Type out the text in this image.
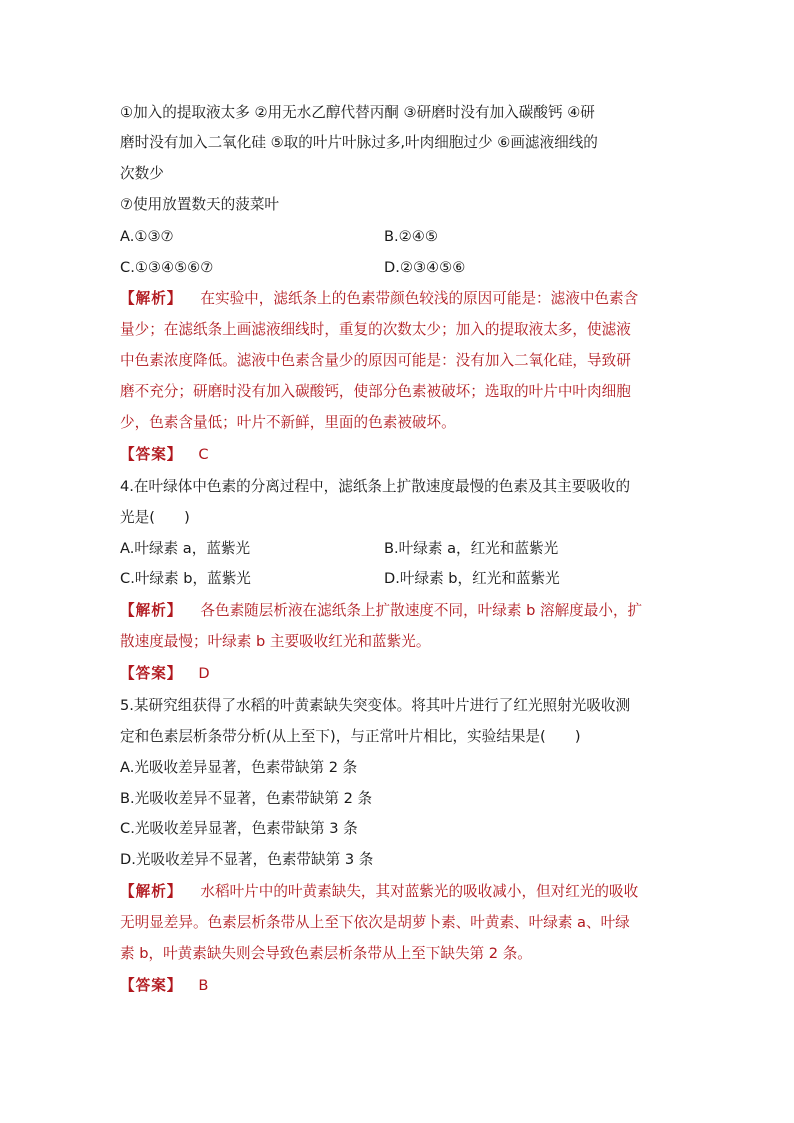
①加入的提取液太多 ②用无水乙醇代替丙酮 ③研磨时没有加入碳酸钙 ④研
磨时没有加入二氧化硅 ⑤取的叶片叶脉过多,叶肉细胞过少 ⑥画滤液细线的
次数少
⑦使用放置数天的菠菜叶
A.①③⑦	B.②④⑤
C.①③④⑤⑥⑦	D.②③④⑤⑥
【解析】 在实验中，滤纸条上的色素带颜色较浅的原因可能是：滤液中色素含
量少；在滤纸条上画滤液细线时，重复的次数太少；加入的提取液太多，使滤液
中色素浓度降低。滤液中色素含量少的原因可能是：没有加入二氧化硅，导致研
磨不充分；研磨时没有加入碳酸钙，使部分色素被破坏；选取的叶片中叶肉细胞
少，色素含量低；叶片不新鲜，里面的色素被破坏。
【答案】 C
4.在叶绿体中色素的分离过程中，滤纸条上扩散速度最慢的色素及其主要吸收的
光是(　　)
A.叶绿素 a，蓝紫光	B.叶绿素 a，红光和蓝紫光
C.叶绿素 b，蓝紫光	D.叶绿素 b，红光和蓝紫光
【解析】 各色素随层析液在滤纸条上扩散速度不同，叶绿素 b 溶解度最小，扩
散速度最慢；叶绿素 b 主要吸收红光和蓝紫光。
【答案】 D
5.某研究组获得了水稻的叶黄素缺失突变体。将其叶片进行了红光照射光吸收测
定和色素层析条带分析(从上至下)，与正常叶片相比，实验结果是(　　)
A.光吸收差异显著，色素带缺第 2 条
B.光吸收差异不显著，色素带缺第 2 条
C.光吸收差异显著，色素带缺第 3 条
D.光吸收差异不显著，色素带缺第 3 条
【解析】 水稻叶片中的叶黄素缺失，其对蓝紫光的吸收减小，但对红光的吸收
无明显差异。色素层析条带从上至下依次是胡萝卜素、叶黄素、叶绿素 a、叶绿
素 b，叶黄素缺失则会导致色素层析条带从上至下缺失第 2 条。
【答案】 B
